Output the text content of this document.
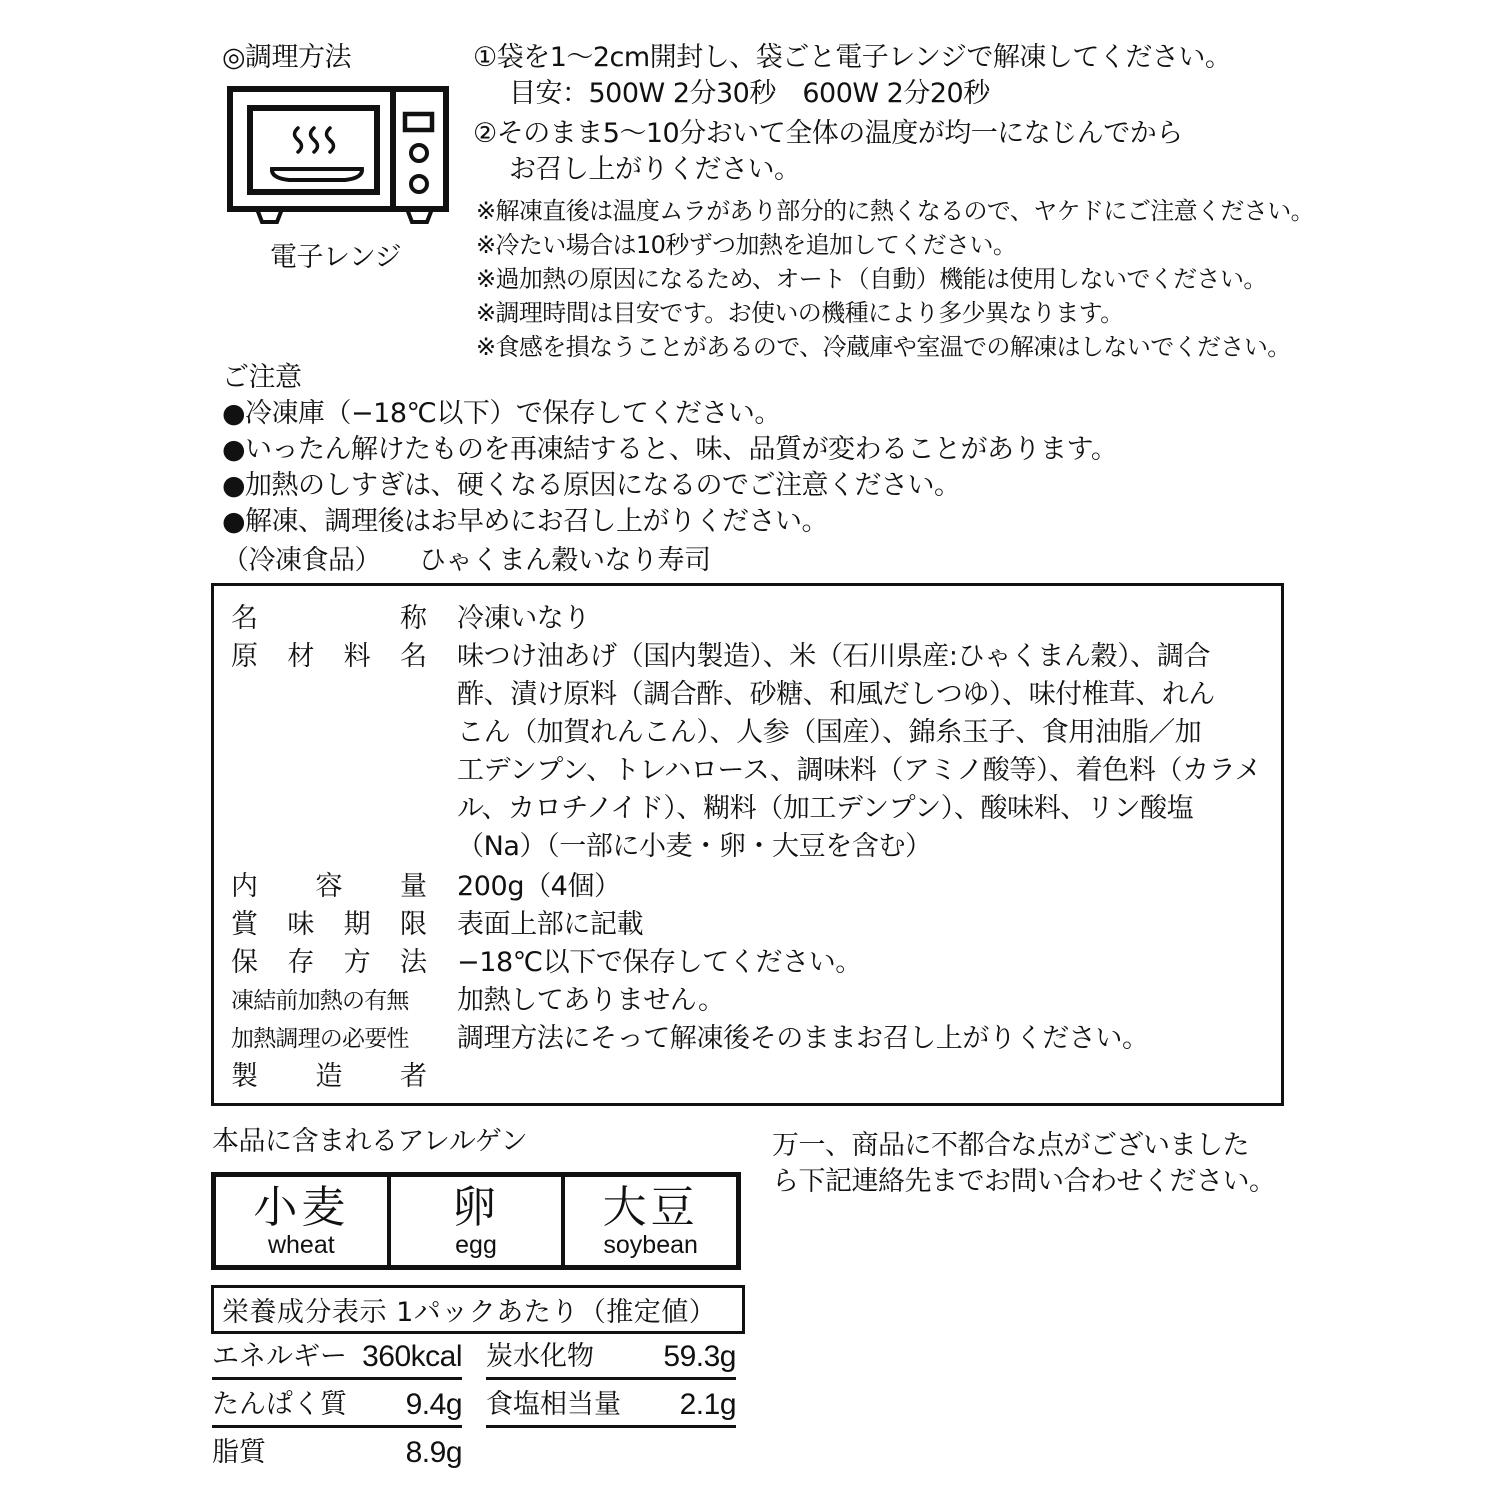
◎調理方法
電子レンジ
①袋を1～2cm開封し、袋ごと電子レンジで解凍してください。
目安：500W 2分30秒　600W 2分20秒
②そのまま5～10分おいて全体の温度が均一になじんでから
お召し上がりください。
※解凍直後は温度ムラがあり部分的に熱くなるので、ヤケドにご注意ください。
※冷たい場合は10秒ずつ加熱を追加してください。
※過加熱の原因になるため、オート（自動）機能は使用しないでください。
※調理時間は目安です。お使いの機種により多少異なります。
※食感を損なうことがあるので、冷蔵庫や室温での解凍はしないでください。
ご注意
●冷凍庫（−18℃以下）で保存してください。
●いったん解けたものを再凍結すると、味、品質が変わることがあります。
●加熱のしすぎは、硬くなる原因になるのでご注意ください。
●解凍、調理後はお早めにお召し上がりください。
（冷凍食品） ひゃくまん穀いなり寿司
名	称 冷凍いなり
原 材 料 名 味つけ油あげ（国内製造）、米（石川県産:ひゃくまん穀）、調合
酢、漬け原料（調合酢、砂糖、和風だしつゆ）、味付椎茸、れん
こん（加賀れんこん）、人参（国産）、錦糸玉子、食用油脂／加
工デンプン、トレハロース、調味料（アミノ酸等）、着色料（カラメ
ル、カロチノイド）、糊料（加工デンプン）、酸味料、リン酸塩
（Na）（一部に小麦・卵・大豆を含む）
内 容 量 200g（4個）
賞 味 期 限 表面上部に記載
保 存 方 法 −18℃以下で保存してください。
凍結前加熱の有無	加熱してありません。
加熱調理の必要性	調理方法にそって解凍後そのままお召し上がりください。
製 造 者
本品に含まれるアレルゲン
小麦
wheat
卵
egg
大豆
soybean
栄養成分表示 1パックあたり（推定値）
エネルギー 360kcal 炭水化物 59.3g
たんぱく質 9.4g 食塩相当量 2.1g
脂質	8.9g
万一、商品に不都合な点がございました
ら下記連絡先までお問い合わせください。
